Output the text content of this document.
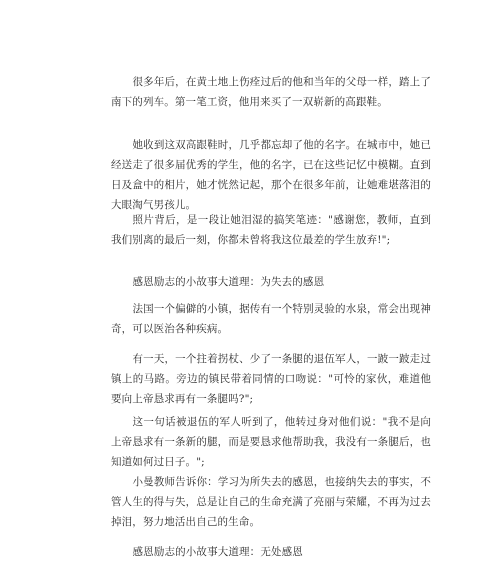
很多年后，在黄土地上伤痊过后的他和当年的父母一样，踏上了南下的列车。第一笔工资，他用来买了一双崭新的高跟鞋。

她收到这双高跟鞋时，几乎都忘却了他的名字。在城市中，她已经送走了很多届优秀的学生，他的名字，已在这些记忆中模糊。直到日及盒中的相片，她才恍然记起，那个在很多年前，让她难堪落泪的大眼淘气男孩儿。

照片背后，是一段让她泪湿的搞笑笔迹："感谢您，教师，直到我们别离的最后一刻，你都未曾将我这位最差的学生放弃!";

感恩励志的小故事大道理：为失去的感恩

法国一个偏僻的小镇，据传有一个特别灵验的水泉，常会出现神奇，可以医治各种疾病。

有一天，一个拄着拐杖、少了一条腿的退伍军人，一跛一跛走过镇上的马路。旁边的镇民带着同情的口吻说："可怜的家伙，难道他要向上帝恳求再有一条腿吗?";

这一句话被退伍的军人听到了，他转过身对他们说："我不是向上帝恳求有一条新的腿，而是要恳求他帮助我，我没有一条腿后，也知道如何过日子。";

小曼教师告诉你：学习为所失去的感恩，也接纳失去的事实，不管人生的得与失，总是让自己的生命充满了亮丽与荣耀，不再为过去掉泪，努力地活出自己的生命。

感恩励志的小故事大道理：无处感恩
